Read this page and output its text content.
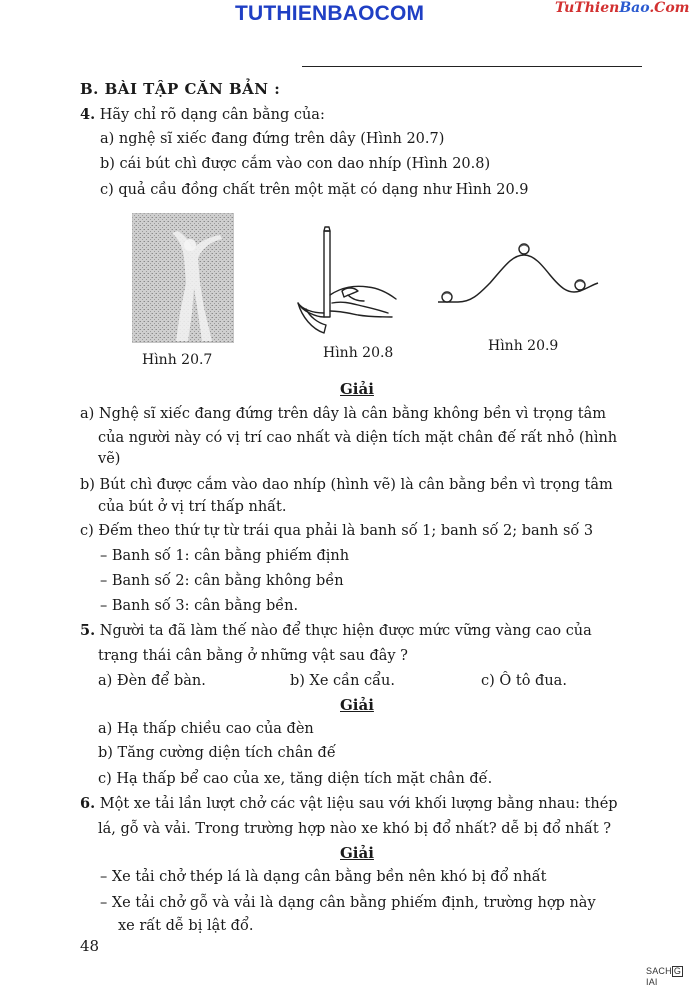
TUTHIENBAOCOM	TuThienBao.Com
B. BÀI TẬP CĂN BẢN :
4. Hãy chỉ rõ dạng cân bằng của:
a) nghệ sĩ xiếc đang đứng trên dây (Hình 20.7)
b) cái bút chì được cắm vào con dao nhíp (Hình 20.8)
c) quả cầu đồng chất trên một mặt có dạng như Hình 20.9
Hình 20.7	Hình 20.8	Hình 20.9
Giải
a) Nghệ sĩ xiếc đang đứng trên dây là cân bằng không bền vì trọng tâm
của người này có vị trí cao nhất và diện tích mặt chân đế rất nhỏ (hình
vẽ)
b) Bút chì được cắm vào dao nhíp (hình vẽ) là cân bằng bền vì trọng tâm
của bút ở vị trí thấp nhất.
c) Đếm theo thứ tự từ trái qua phải là banh số 1; banh số 2; banh số 3
– Banh số 1: cân bằng phiếm định
– Banh số 2: cân bằng không bền
– Banh số 3: cân bằng bền.
5. Người ta đã làm thế nào để thực hiện được mức vững vàng cao của
trạng thái cân bằng ở những vật sau đây ?
a) Đèn để bàn.	b) Xe cần cẩu.	c) Ô tô đua.
Giải
a) Hạ thấp chiều cao của đèn
b) Tăng cường diện tích chân đế
c) Hạ thấp bể cao của xe, tăng diện tích mặt chân đế.
6. Một xe tải lần lượt chở các vật liệu sau với khối lượng bằng nhau: thép
lá, gỗ và vải. Trong trường hợp nào xe khó bị đổ nhất? dễ bị đổ nhất ?
Giải
– Xe tải chở thép lá là dạng cân bằng bền nên khó bị đổ nhất
– Xe tải chở gỗ và vải là dạng cân bằng phiếm định, trường hợp này
xe rất dễ bị lật đổ.
48
SACH GIAI
